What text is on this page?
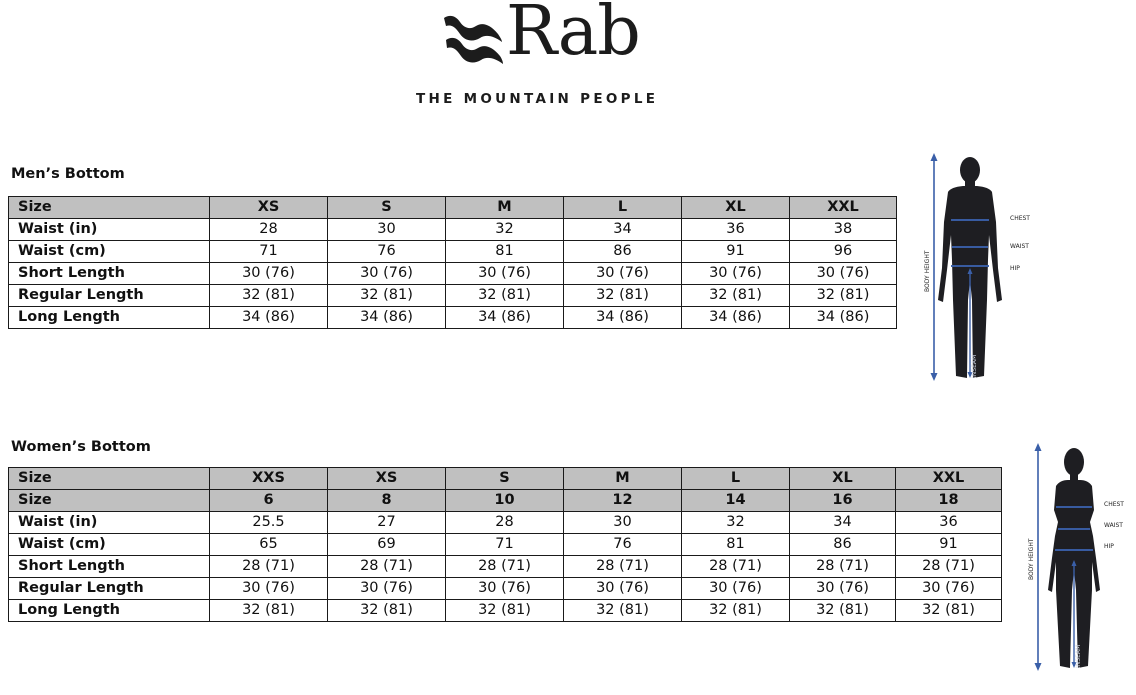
Rab
THE MOUNTAIN PEOPLE
Men’s Bottom
Size	XS	S	M	L	XL	XXL
Waist (in)	28	30	32	34	36	38
Waist (cm)	71	76	81	86	91	96
Short Length	30 (76)	30 (76)	30 (76)	30 (76)	30 (76)	30 (76)
Regular Length	32 (81)	32 (81)	32 (81)	32 (81)	32 (81)	32 (81)
Long Length	34 (86)	34 (86)	34 (86)	34 (86)	34 (86)	34 (86)
BODY HEIGHT
INSEAM
CHEST
WAIST
HIP
Women’s Bottom
Size	XXS	XS	S	M	L	XL	XXL
Size	6	8	10	12	14	16	18
Waist (in)	25.5	27	28	30	32	34	36
Waist (cm)	65	69	71	76	81	86	91
Short Length	28 (71)	28 (71)	28 (71)	28 (71)	28 (71)	28 (71)	28 (71)
Regular Length	30 (76)	30 (76)	30 (76)	30 (76)	30 (76)	30 (76)	30 (76)
Long Length	32 (81)	32 (81)	32 (81)	32 (81)	32 (81)	32 (81)	32 (81)
BODY HEIGHT
INSEAM
CHEST
WAIST
HIP
